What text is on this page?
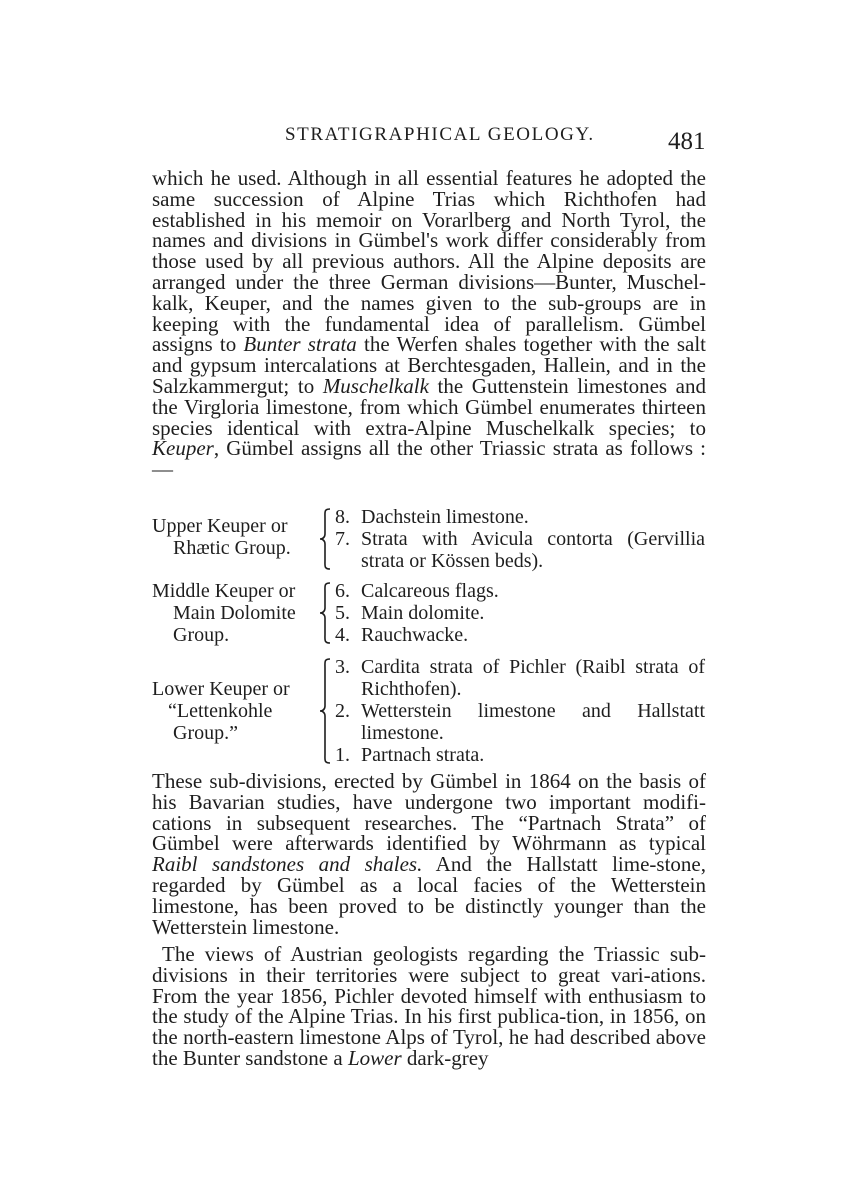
STRATIGRAPHICAL GEOLOGY.	481
which he used. Although in all essential features he adopted the same succession of Alpine Trias which Richthofen had established in his memoir on Vorarlberg and North Tyrol, the names and divisions in Gümbel's work differ considerably from those used by all previous authors. All the Alpine deposits are arranged under the three German divisions—Bunter, Muschel-kalk, Keuper, and the names given to the sub-groups are in keeping with the fundamental idea of parallelism. Gümbel assigns to Bunter strata the Werfen shales together with the salt and gypsum intercalations at Berchtesgaden, Hallein, and in the Salzkammergut; to Muschelkalk the Guttenstein limestones and the Virgloria limestone, from which Gümbel enumerates thirteen species identical with extra-Alpine Muschelkalk species; to Keuper, Gümbel assigns all the other Triassic strata as follows :—
Upper Keuper or
Rhætic Group.
8. Dachstein limestone.
7. Strata with Avicula contorta (Gervillia strata or Kössen beds).
Middle Keuper or
Main Dolomite
Group.
6. Calcareous flags.
5. Main dolomite.
4. Rauchwacke.
Lower Keuper or
“Lettenkohle
Group.”
3. Cardita strata of Pichler (Raibl strata of Richthofen).
2. Wetterstein limestone and Hallstatt limestone.
1. Partnach strata.
These sub-divisions, erected by Gümbel in 1864 on the basis of his Bavarian studies, have undergone two important modifi-cations in subsequent researches. The “Partnach Strata” of Gümbel were afterwards identified by Wöhrmann as typical Raibl sandstones and shales. And the Hallstatt lime-stone, regarded by Gümbel as a local facies of the Wetterstein limestone, has been proved to be distinctly younger than the Wetterstein limestone.
The views of Austrian geologists regarding the Triassic sub-divisions in their territories were subject to great vari-ations. From the year 1856, Pichler devoted himself with enthusiasm to the study of the Alpine Trias. In his first publica-tion, in 1856, on the north-eastern limestone Alps of Tyrol, he had described above the Bunter sandstone a Lower dark-grey
